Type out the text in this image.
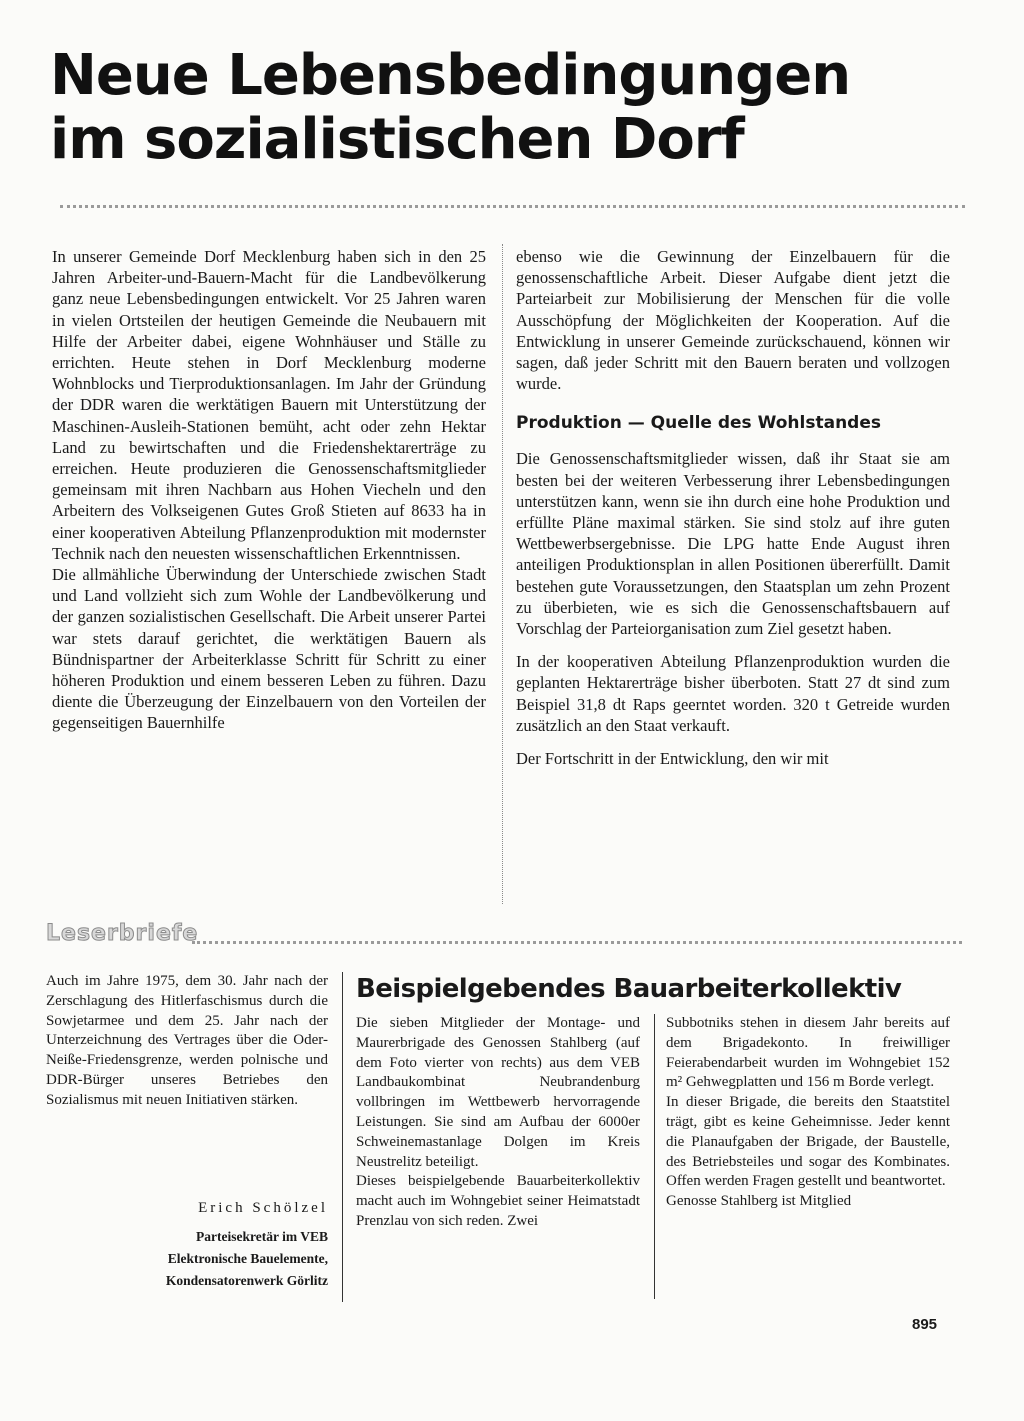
Neue Lebensbedingungen
im sozialistischen Dorf

In unserer Gemeinde Dorf Mecklenburg haben sich in den 25 Jahren Arbeiter-und-Bauern-Macht für die Landbevölkerung ganz neue Lebensbedingungen entwickelt. Vor 25 Jahren waren in vielen Ortsteilen der heutigen Gemeinde die Neubauern mit Hilfe der Arbeiter dabei, eigene Wohnhäuser und Ställe zu errichten. Heute stehen in Dorf Mecklenburg moderne Wohnblocks und Tierproduktionsanlagen. Im Jahr der Gründung der DDR waren die werktätigen Bauern mit Unterstützung der Maschinen-Ausleih-Stationen bemüht, acht oder zehn Hektar Land zu bewirtschaften und die Friedenshektarerträge zu erreichen. Heute produzieren die Genossenschaftsmitglieder gemeinsam mit ihren Nachbarn aus Hohen Viecheln und den Arbeitern des Volkseigenen Gutes Groß Stieten auf 8633 ha in einer kooperativen Abteilung Pflanzenproduktion mit modernster Technik nach den neuesten wissenschaftlichen Erkenntnissen.

Die allmähliche Überwindung der Unterschiede zwischen Stadt und Land vollzieht sich zum Wohle der Landbevölkerung und der ganzen sozialistischen Gesellschaft. Die Arbeit unserer Partei war stets darauf gerichtet, die werktätigen Bauern als Bündnispartner der Arbeiterklasse Schritt für Schritt zu einer höheren Produktion und einem besseren Leben zu führen. Dazu diente die Überzeugung der Einzelbauern von den Vorteilen der gegenseitigen Bauernhilfe

ebenso wie die Gewinnung der Einzelbauern für die genossenschaftliche Arbeit. Dieser Aufgabe dient jetzt die Parteiarbeit zur Mobilisierung der Menschen für die volle Ausschöpfung der Möglichkeiten der Kooperation. Auf die Entwicklung in unserer Gemeinde zurückschauend, können wir sagen, daß jeder Schritt mit den Bauern beraten und vollzogen wurde.

Produktion — Quelle des Wohlstandes

Die Genossenschaftsmitglieder wissen, daß ihr Staat sie am besten bei der weiteren Verbesserung ihrer Lebensbedingungen unterstützen kann, wenn sie ihn durch eine hohe Produktion und erfüllte Pläne maximal stärken. Sie sind stolz auf ihre guten Wettbewerbsergebnisse. Die LPG hatte Ende August ihren anteiligen Produktionsplan in allen Positionen übererfüllt. Damit bestehen gute Voraussetzungen, den Staatsplan um zehn Prozent zu überbieten, wie es sich die Genossenschaftsbauern auf Vorschlag der Parteiorganisation zum Ziel gesetzt haben.

In der kooperativen Abteilung Pflanzenproduktion wurden die geplanten Hektarerträge bisher überboten. Statt 27 dt sind zum Beispiel 31,8 dt Raps geerntet worden. 320 t Getreide wurden zusätzlich an den Staat verkauft.

Der Fortschritt in der Entwicklung, den wir mit

Leserbriefe

Auch im Jahre 1975, dem 30. Jahr nach der Zerschlagung des Hitlerfaschismus durch die Sowjetarmee und dem 25. Jahr nach der Unterzeichnung des Vertrages über die Oder-Neiße-Friedensgrenze, werden polnische und DDR-Bürger unseres Betriebes den Sozialismus mit neuen Initiativen stärken.

Erich Schölzel

Parteisekretär im VEB
Elektronische Bauelemente,
Kondensatorenwerk Görlitz
Beispielgebendes Bauarbeiterkollektiv

Die sieben Mitglieder der Montage- und Maurerbrigade des Genossen Stahlberg (auf dem Foto vierter von rechts) aus dem VEB Landbaukombinat Neubrandenburg vollbringen im Wettbewerb hervorragende Leistungen. Sie sind am Aufbau der 6000er Schweinemastanlage Dolgen im Kreis Neustrelitz beteiligt.

Dieses beispielgebende Bauarbeiterkollektiv macht auch im Wohngebiet seiner Heimatstadt Prenzlau von sich reden. Zwei

Subbotniks stehen in diesem Jahr bereits auf dem Brigadekonto. In freiwilliger Feierabendarbeit wurden im Wohngebiet 152 m² Gehwegplatten und 156 m Borde verlegt.

In dieser Brigade, die bereits den Staatstitel trägt, gibt es keine Geheimnisse. Jeder kennt die Planaufgaben der Brigade, der Baustelle, des Betriebsteiles und sogar des Kombinates. Offen werden Fragen gestellt und beantwortet.

Genosse Stahlberg ist Mitglied

895
